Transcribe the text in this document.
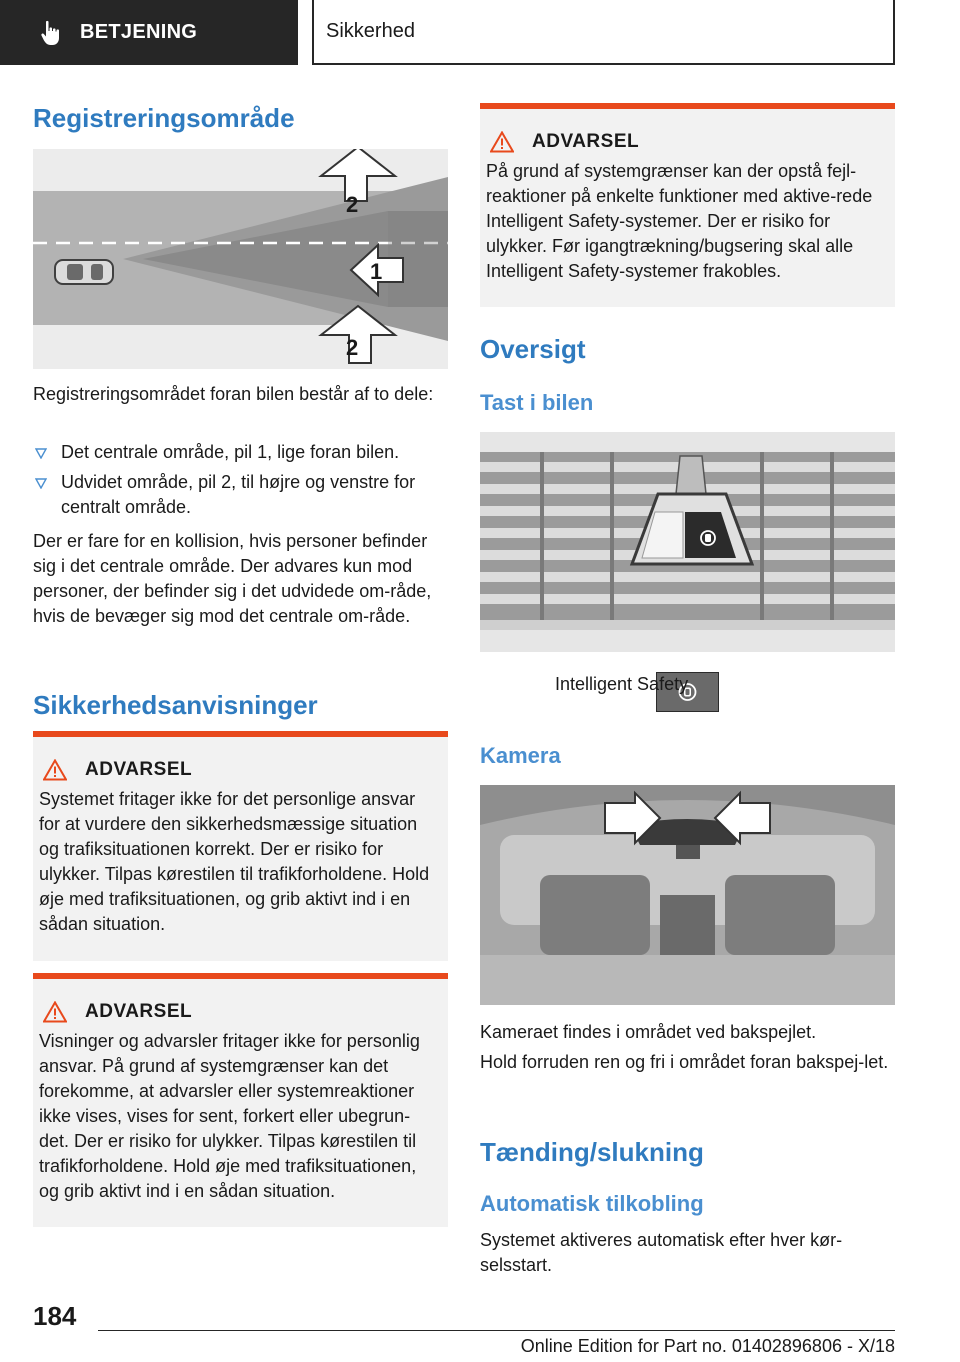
BETJENING	Sikkerhed
Registreringsområde
2
1
2

Registreringsområdet foran bilen består af to dele:

Det centrale område, pil 1, lige foran bilen.
Udvidet område, pil 2, til højre og venstre for centralt område.

Der er fare for en kollision, hvis personer befinder sig i det centrale område. Der advares kun mod personer, der befinder sig i det udvidede om-råde, hvis de bevæger sig mod det centrale om-råde.

Sikkerhedsanvisninger
ADVARSEL

Systemet fritager ikke for det personlige ansvar for at vurdere den sikkerhedsmæssige situation og trafiksituationen korrekt. Der er risiko for ulykker. Tilpas kørestilen til trafikforholdene. Hold øje med trafiksituationen, og grib aktivt ind i en sådan situation.

ADVARSEL

Visninger og advarsler fritager ikke for personlig ansvar. På grund af systemgrænser kan det forekomme, at advarsler eller systemreaktioner ikke vises, vises for sent, forkert eller ubegrun-det. Der er risiko for ulykker. Tilpas kørestilen til trafikforholdene. Hold øje med trafiksituationen, og grib aktivt ind i en sådan situation.

ADVARSEL

På grund af systemgrænser kan der opstå fejl-reaktioner på enkelte funktioner med aktive-rede Intelligent Safety-systemer. Der er risiko for ulykker. Før igangtrækning/bugsering skal alle Intelligent Safety-systemer frakobles.

Oversigt
Tast i bilen

Intelligent Safety

Kamera

Kameraet findes i området ved bakspejlet.

Hold forruden ren og fri i området foran bakspej-let.

Tænding/slukning
Automatisk tilkobling

Systemet aktiveres automatisk efter hver kør-selsstart.

184
Online Edition for Part no. 01402896806 - X/18
